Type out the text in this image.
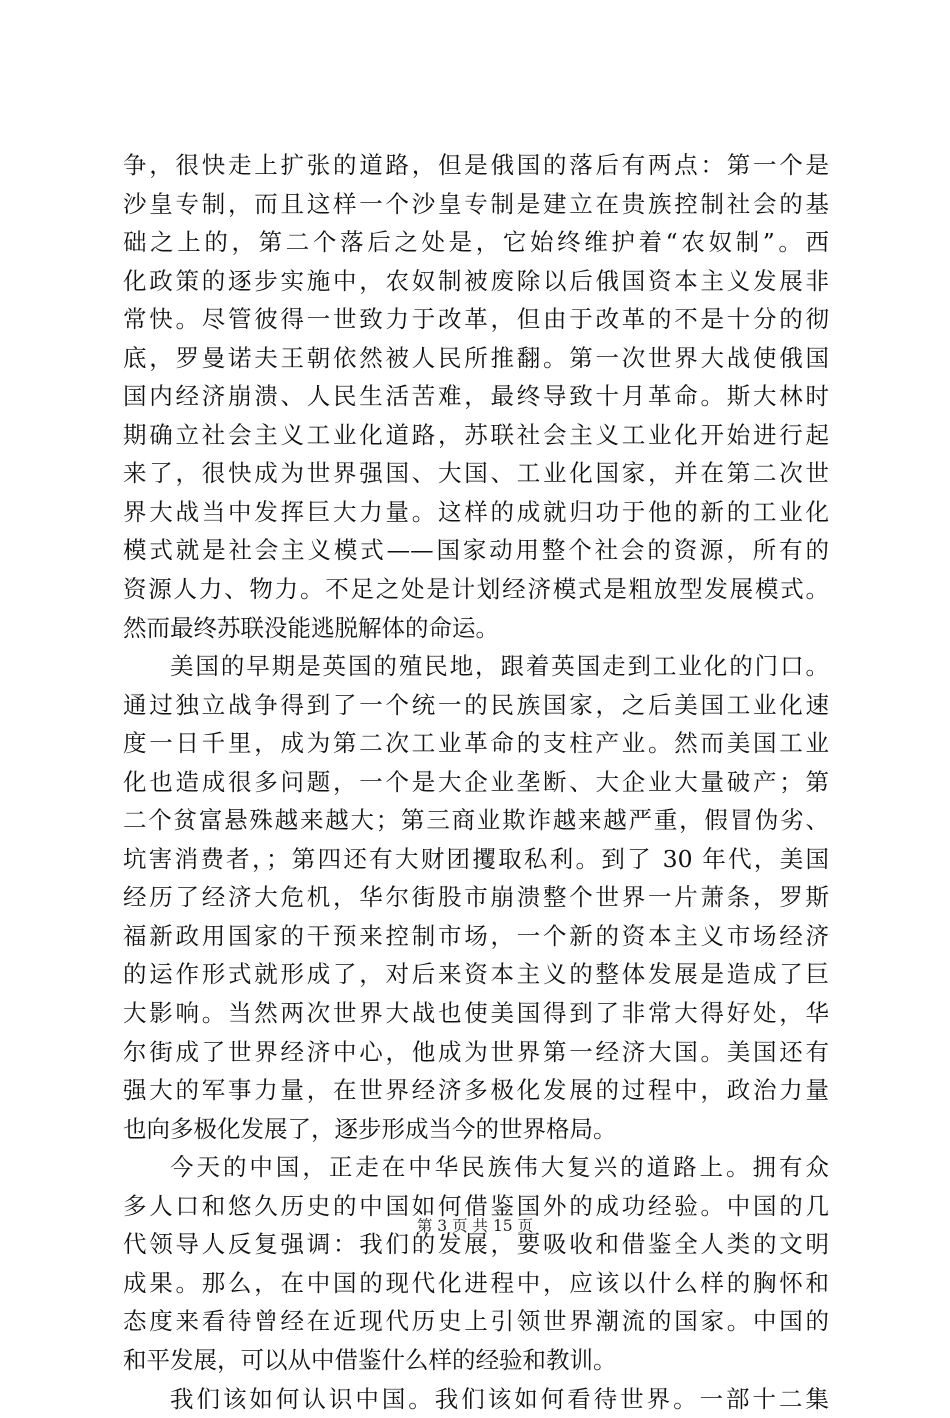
争，很快走上扩张的道路，但是俄国的落后有两点：第一个是
沙皇专制，而且这样一个沙皇专制是建立在贵族控制社会的基
础之上的，第二个落后之处是，它始终维护着“农奴制”。西
化政策的逐步实施中，农奴制被废除以后俄国资本主义发展非
常快。尽管彼得一世致力于改革，但由于改革的不是十分的彻
底，罗曼诺夫王朝依然被人民所推翻。第一次世界大战使俄国
国内经济崩溃、人民生活苦难，最终导致十月革命。斯大林时
期确立社会主义工业化道路，苏联社会主义工业化开始进行起
来了，很快成为世界强国、大国、工业化国家，并在第二次世
界大战当中发挥巨大力量。这样的成就归功于他的新的工业化
模式就是社会主义模式——国家动用整个社会的资源，所有的
资源人力、物力。不足之处是计划经济模式是粗放型发展模式。
然而最终苏联没能逃脱解体的命运。
美国的早期是英国的殖民地，跟着英国走到工业化的门口。
通过独立战争得到了一个统一的民族国家，之后美国工业化速
度一日千里，成为第二次工业革命的支柱产业。然而美国工业
化也造成很多问题，一个是大企业垄断、大企业大量破产；第
二个贫富悬殊越来越大；第三商业欺诈越来越严重，假冒伪劣、
坑害消费者，；第四还有大财团攫取私利。到了 30 年代，美国
经历了经济大危机，华尔街股市崩溃整个世界一片萧条，罗斯
福新政用国家的干预来控制市场，一个新的资本主义市场经济
的运作形式就形成了，对后来资本主义的整体发展是造成了巨
大影响。当然两次世界大战也使美国得到了非常大得好处，华
尔街成了世界经济中心，他成为世界第一经济大国。美国还有
强大的军事力量，在世界经济多极化发展的过程中，政治力量
也向多极化发展了，逐步形成当今的世界格局。
今天的中国，正走在中华民族伟大复兴的道路上。拥有众
多人口和悠久历史的中国如何借鉴国外的成功经验。中国的几
代领导人反复强调：我们的发展，要吸收和借鉴全人类的文明
成果。那么，在中国的现代化进程中，应该以什么样的胸怀和
态度来看待曾经在近现代历史上引领世界潮流的国家。中国的
和平发展，可以从中借鉴什么样的经验和教训。
我们该如何认识中国。我们该如何看待世界。一部十二集
第 3 页 共 15 页
